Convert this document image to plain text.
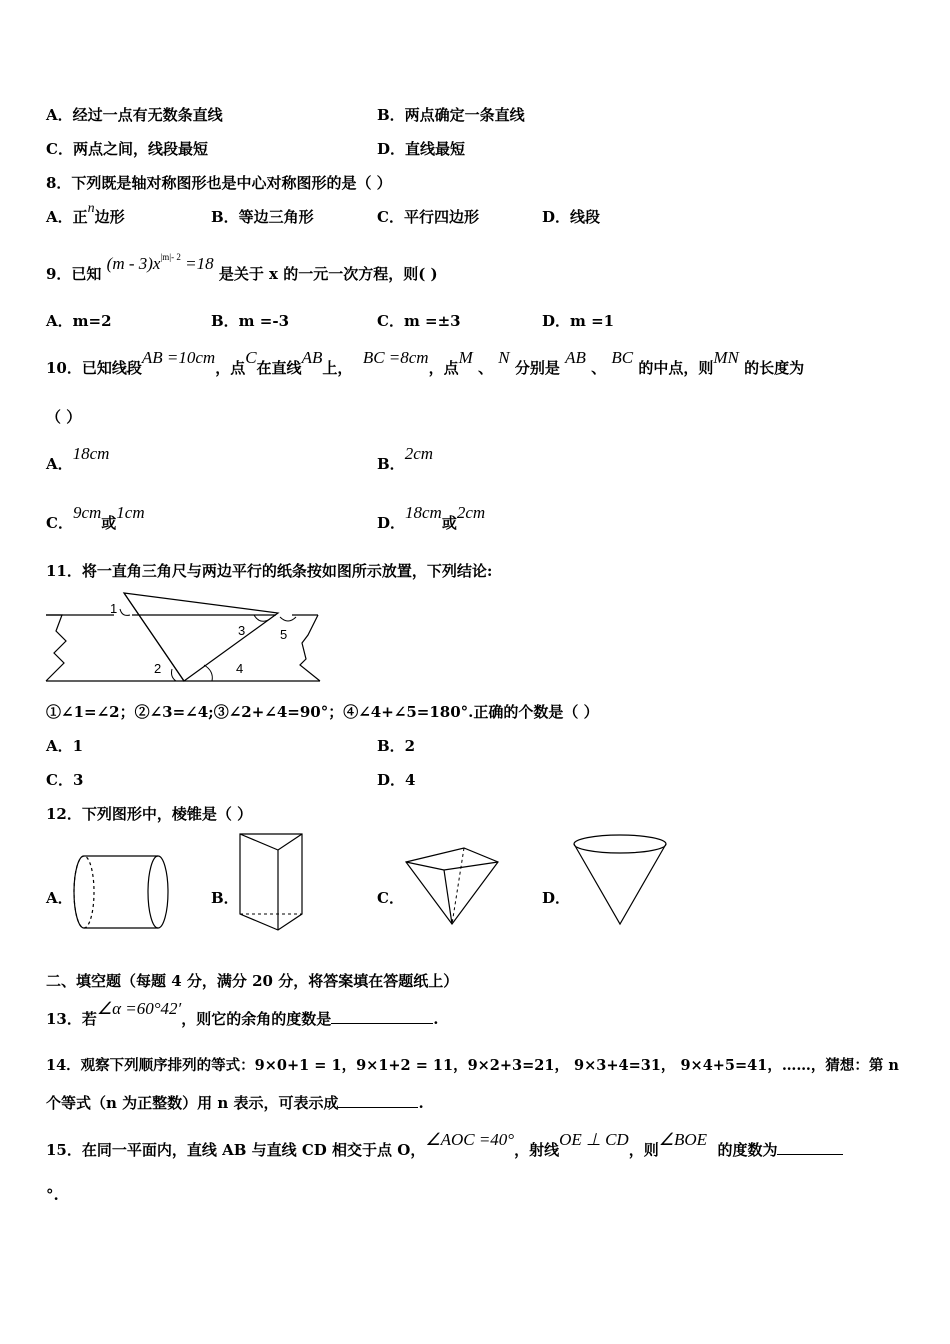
A．经过一点有无数条直线	B．两点确定一条直线
C．两点之间，线段最短	D．直线最短
8．下列既是轴对称图形也是中心对称图形的是（ ）
A．正n边形	B．等边三角形	C．平行四边形	D．线段
9．已知 $(m - 3)x^{|m|- 2} =18$ 是关于 x 的一元一次方程，则( )
A．m=2	B．m =-3	C．m =±3	D．m =1
10．已知线段AB =10cm，点C在直线AB上，  BC =8cm，点M 、 N 分别是 AB 、 BC 的中点，则MN 的长度为
（ ）
A．18cm
B．2cm
C．9cm或1cm
D．18cm或2cm
11．将一直角三角尺与两边平行的纸条按如图所示放置，下列结论:
1
2
3
4
5
①∠1=∠2；②∠3=∠4;③∠2+∠4=90°；④∠4+∠5=180°.正确的个数是（ ）
A．1	B．2
C．3	D．4
12．下列图形中，棱锥是（ ）
A．	B．	C．	D．
二、填空题（每题 4 分，满分 20 分，将答案填在答题纸上）
13．若∠α =60°42′，则它的余角的度数是	.
14．观察下列顺序排列的等式：9×0+1 = 1，9×1+2 = 11，9×2+3=21， 9×3+4=31， 9×4+5=41，……，猜想：第 n
个等式（n 为正整数）用 n 表示，可表示成	.
15．在同一平面内，直线 AB 与直线 CD 相交于点 O，∠AOC =40°，射线OE ⊥ CD，则∠BOE  的度数为
°.
